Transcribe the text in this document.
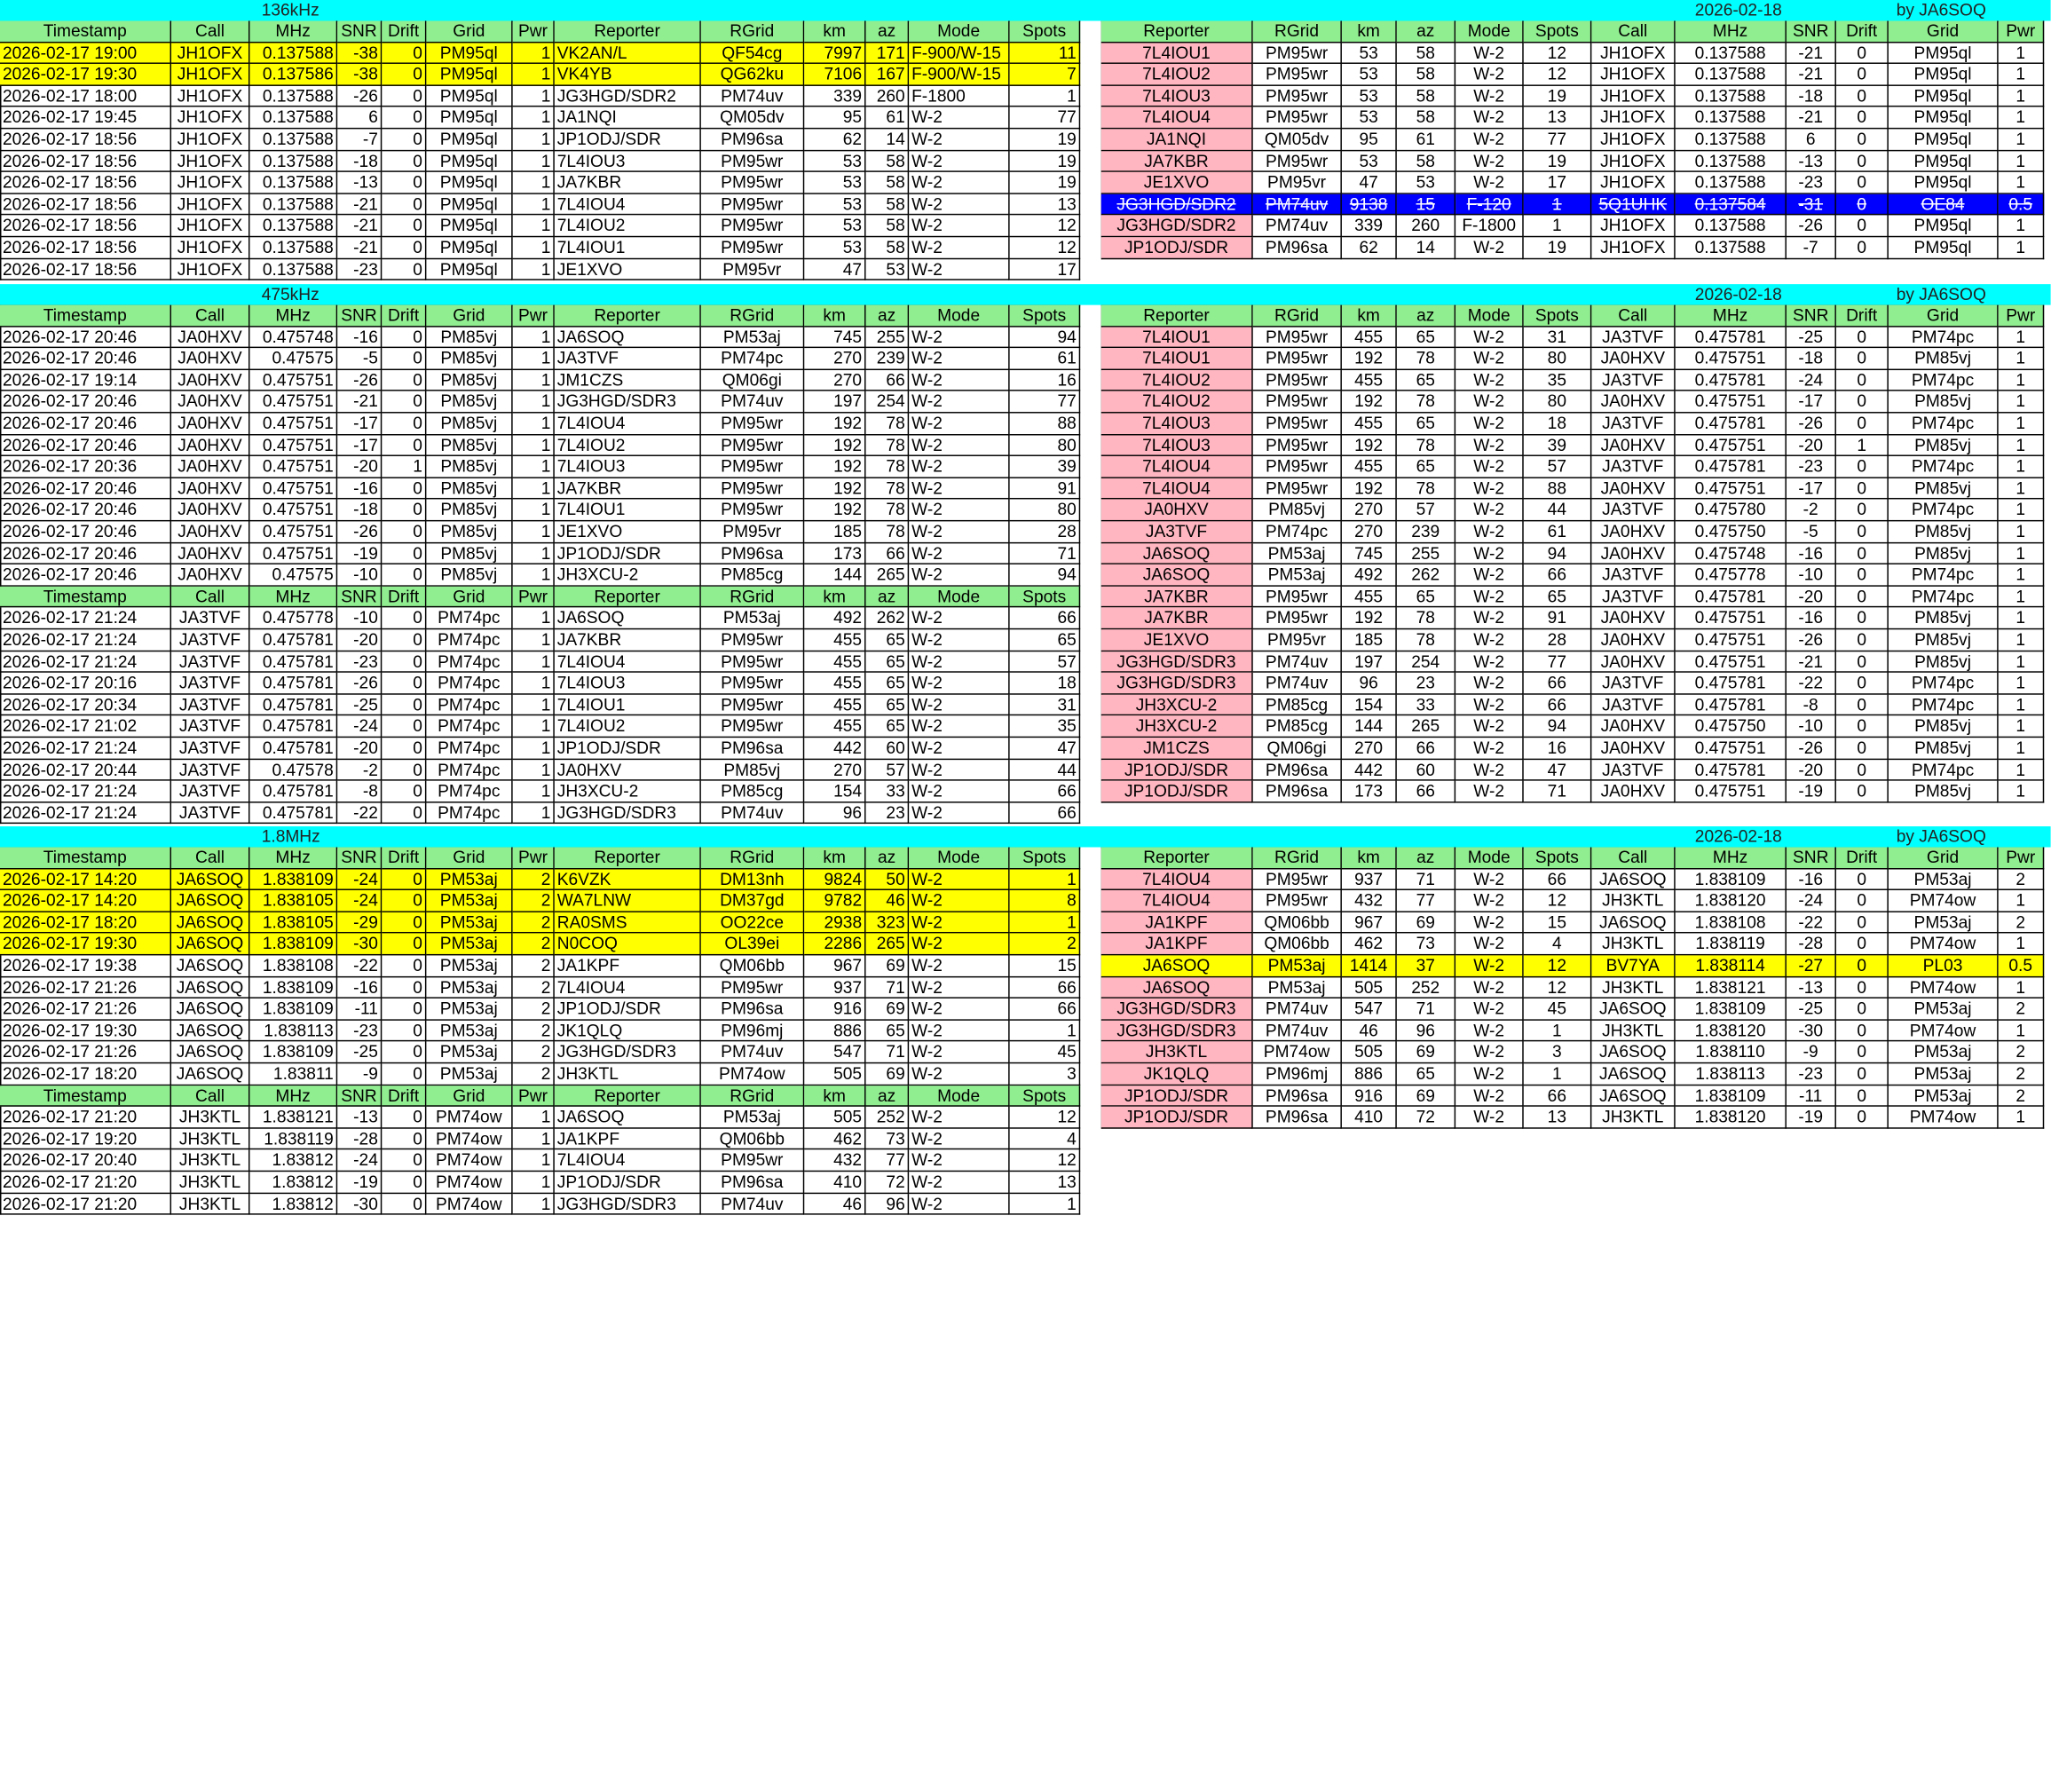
136kHz	2026-02-18	by JA6SOQ
Timestamp	Call	MHz	SNR Drift	Grid	Pwr	Reporter	RGrid	km	az	Mode	Spots
2026-02-17 19:00	JH1OFX	0.137588	-38	0	PM95ql	1 VK2AN/L	QF54cg	7997	171 F-900/W-15	11
2026-02-17 19:30	JH1OFX	0.137586	-38	0	PM95ql	1 VK4YB	QG62ku	7106	167 F-900/W-15	7
2026-02-17 18:00	JH1OFX	0.137588	-26	0	PM95ql	1 JG3HGD/SDR2	PM74uv	339	260 F-1800	1
2026-02-17 19:45	JH1OFX	0.137588	6	0	PM95ql	1 JA1NQI	QM05dv	95	61 W-2	77
2026-02-17 18:56	JH1OFX	0.137588	-7	0	PM95ql	1 JP1ODJ/SDR	PM96sa	62	14 W-2	19
2026-02-17 18:56	JH1OFX	0.137588	-18	0	PM95ql	1 7L4IOU3	PM95wr	53	58 W-2	19
2026-02-17 18:56	JH1OFX	0.137588	-13	0	PM95ql	1 JA7KBR	PM95wr	53	58 W-2	19
2026-02-17 18:56	JH1OFX	0.137588	-21	0	PM95ql	1 7L4IOU4	PM95wr	53	58 W-2	13
2026-02-17 18:56	JH1OFX	0.137588	-21	0	PM95ql	1 7L4IOU2	PM95wr	53	58 W-2	12
2026-02-17 18:56	JH1OFX	0.137588	-21	0	PM95ql	1 7L4IOU1	PM95wr	53	58 W-2	12
2026-02-17 18:56	JH1OFX	0.137588	-23	0	PM95ql	1 JE1XVO	PM95vr	47	53 W-2	17
Reporter	RGrid	km	az	Mode	Spots	Call	MHz	SNR	Drift	Grid	Pwr
7L4IOU1	PM95wr	53	58	W-2	12	JH1OFX	0.137588	-21	0	PM95ql	1
7L4IOU2	PM95wr	53	58	W-2	12	JH1OFX	0.137588	-21	0	PM95ql	1
7L4IOU3	PM95wr	53	58	W-2	19	JH1OFX	0.137588	-18	0	PM95ql	1
7L4IOU4	PM95wr	53	58	W-2	13	JH1OFX	0.137588	-21	0	PM95ql	1
JA1NQI	QM05dv	95	61	W-2	77	JH1OFX	0.137588	6	0	PM95ql	1
JA7KBR	PM95wr	53	58	W-2	19	JH1OFX	0.137588	-13	0	PM95ql	1
JE1XVO	PM95vr	47	53	W-2	17	JH1OFX	0.137588	-23	0	PM95ql	1
JG3HGD/SDR2	PM74uv	9138	15	F-120	1	5Q1UHK	0.137584	-31	0	OE84	0.5
JG3HGD/SDR2	PM74uv	339	260	F-1800	1	JH1OFX	0.137588	-26	0	PM95ql	1
JP1ODJ/SDR	PM96sa	62	14	W-2	19	JH1OFX	0.137588	-7	0	PM95ql	1
475kHz	2026-02-18	by JA6SOQ
Timestamp	Call	MHz	SNR Drift	Grid	Pwr	Reporter	RGrid	km	az	Mode	Spots
2026-02-17 20:46	JA0HXV	0.475748	-16	0	PM85vj	1 JA6SOQ	PM53aj	745	255 W-2	94
2026-02-17 20:46	JA0HXV	0.47575	-5	0	PM85vj	1 JA3TVF	PM74pc	270	239 W-2	61
2026-02-17 19:14	JA0HXV	0.475751	-26	0	PM85vj	1 JM1CZS	QM06gi	270	66 W-2	16
2026-02-17 20:46	JA0HXV	0.475751	-21	0	PM85vj	1 JG3HGD/SDR3	PM74uv	197	254 W-2	77
2026-02-17 20:46	JA0HXV	0.475751	-17	0	PM85vj	1 7L4IOU4	PM95wr	192	78 W-2	88
2026-02-17 20:46	JA0HXV	0.475751	-17	0	PM85vj	1 7L4IOU2	PM95wr	192	78 W-2	80
2026-02-17 20:36	JA0HXV	0.475751	-20	1	PM85vj	1 7L4IOU3	PM95wr	192	78 W-2	39
2026-02-17 20:46	JA0HXV	0.475751	-16	0	PM85vj	1 JA7KBR	PM95wr	192	78 W-2	91
2026-02-17 20:46	JA0HXV	0.475751	-18	0	PM85vj	1 7L4IOU1	PM95wr	192	78 W-2	80
2026-02-17 20:46	JA0HXV	0.475751	-26	0	PM85vj	1 JE1XVO	PM95vr	185	78 W-2	28
2026-02-17 20:46	JA0HXV	0.475751	-19	0	PM85vj	1 JP1ODJ/SDR	PM96sa	173	66 W-2	71
2026-02-17 20:46	JA0HXV	0.47575	-10	0	PM85vj	1 JH3XCU-2	PM85cg	144	265 W-2	94
Timestamp	Call	MHz	SNR Drift	Grid	Pwr	Reporter	RGrid	km	az	Mode	Spots
2026-02-17 21:24	JA3TVF	0.475778	-10	0	PM74pc	1 JA6SOQ	PM53aj	492	262 W-2	66
2026-02-17 21:24	JA3TVF	0.475781	-20	0	PM74pc	1 JA7KBR	PM95wr	455	65 W-2	65
2026-02-17 21:24	JA3TVF	0.475781	-23	0	PM74pc	1 7L4IOU4	PM95wr	455	65 W-2	57
2026-02-17 20:16	JA3TVF	0.475781	-26	0	PM74pc	1 7L4IOU3	PM95wr	455	65 W-2	18
2026-02-17 20:34	JA3TVF	0.475781	-25	0	PM74pc	1 7L4IOU1	PM95wr	455	65 W-2	31
2026-02-17 21:02	JA3TVF	0.475781	-24	0	PM74pc	1 7L4IOU2	PM95wr	455	65 W-2	35
2026-02-17 21:24	JA3TVF	0.475781	-20	0	PM74pc	1 JP1ODJ/SDR	PM96sa	442	60 W-2	47
2026-02-17 20:44	JA3TVF	0.47578	-2	0	PM74pc	1 JA0HXV	PM85vj	270	57 W-2	44
2026-02-17 21:24	JA3TVF	0.475781	-8	0	PM74pc	1 JH3XCU-2	PM85cg	154	33 W-2	66
2026-02-17 21:24	JA3TVF	0.475781	-22	0	PM74pc	1 JG3HGD/SDR3	PM74uv	96	23 W-2	66
Reporter	RGrid	km	az	Mode	Spots	Call	MHz	SNR	Drift	Grid	Pwr
7L4IOU1	PM95wr	455	65	W-2	31	JA3TVF	0.475781	-25	0	PM74pc	1
7L4IOU1	PM95wr	192	78	W-2	80	JA0HXV	0.475751	-18	0	PM85vj	1
7L4IOU2	PM95wr	455	65	W-2	35	JA3TVF	0.475781	-24	0	PM74pc	1
7L4IOU2	PM95wr	192	78	W-2	80	JA0HXV	0.475751	-17	0	PM85vj	1
7L4IOU3	PM95wr	455	65	W-2	18	JA3TVF	0.475781	-26	0	PM74pc	1
7L4IOU3	PM95wr	192	78	W-2	39	JA0HXV	0.475751	-20	1	PM85vj	1
7L4IOU4	PM95wr	455	65	W-2	57	JA3TVF	0.475781	-23	0	PM74pc	1
7L4IOU4	PM95wr	192	78	W-2	88	JA0HXV	0.475751	-17	0	PM85vj	1
JA0HXV	PM85vj	270	57	W-2	44	JA3TVF	0.475780	-2	0	PM74pc	1
JA3TVF	PM74pc	270	239	W-2	61	JA0HXV	0.475750	-5	0	PM85vj	1
JA6SOQ	PM53aj	745	255	W-2	94	JA0HXV	0.475748	-16	0	PM85vj	1
JA6SOQ	PM53aj	492	262	W-2	66	JA3TVF	0.475778	-10	0	PM74pc	1
JA7KBR	PM95wr	455	65	W-2	65	JA3TVF	0.475781	-20	0	PM74pc	1
JA7KBR	PM95wr	192	78	W-2	91	JA0HXV	0.475751	-16	0	PM85vj	1
JE1XVO	PM95vr	185	78	W-2	28	JA0HXV	0.475751	-26	0	PM85vj	1
JG3HGD/SDR3	PM74uv	197	254	W-2	77	JA0HXV	0.475751	-21	0	PM85vj	1
JG3HGD/SDR3	PM74uv	96	23	W-2	66	JA3TVF	0.475781	-22	0	PM74pc	1
JH3XCU-2	PM85cg	154	33	W-2	66	JA3TVF	0.475781	-8	0	PM74pc	1
JH3XCU-2	PM85cg	144	265	W-2	94	JA0HXV	0.475750	-10	0	PM85vj	1
JM1CZS	QM06gi	270	66	W-2	16	JA0HXV	0.475751	-26	0	PM85vj	1
JP1ODJ/SDR	PM96sa	442	60	W-2	47	JA3TVF	0.475781	-20	0	PM74pc	1
JP1ODJ/SDR	PM96sa	173	66	W-2	71	JA0HXV	0.475751	-19	0	PM85vj	1
1.8MHz	2026-02-18	by JA6SOQ
Timestamp	Call	MHz	SNR Drift	Grid	Pwr	Reporter	RGrid	km	az	Mode	Spots
2026-02-17 14:20	JA6SOQ	1.838109	-24	0	PM53aj	2 K6VZK	DM13nh	9824	50 W-2	1
2026-02-17 14:20	JA6SOQ	1.838105	-24	0	PM53aj	2 WA7LNW	DM37gd	9782	46 W-2	8
2026-02-17 18:20	JA6SOQ	1.838105	-29	0	PM53aj	2 RA0SMS	OO22ce	2938	323 W-2	1
2026-02-17 19:30	JA6SOQ	1.838109	-30	0	PM53aj	2 N0COQ	OL39ei	2286	265 W-2	2
2026-02-17 19:38	JA6SOQ	1.838108	-22	0	PM53aj	2 JA1KPF	QM06bb	967	69 W-2	15
2026-02-17 21:26	JA6SOQ	1.838109	-16	0	PM53aj	2 7L4IOU4	PM95wr	937	71 W-2	66
2026-02-17 21:26	JA6SOQ	1.838109	-11	0	PM53aj	2 JP1ODJ/SDR	PM96sa	916	69 W-2	66
2026-02-17 19:30	JA6SOQ	1.838113	-23	0	PM53aj	2 JK1QLQ	PM96mj	886	65 W-2	1
2026-02-17 21:26	JA6SOQ	1.838109	-25	0	PM53aj	2 JG3HGD/SDR3	PM74uv	547	71 W-2	45
2026-02-17 18:20	JA6SOQ	1.83811	-9	0	PM53aj	2 JH3KTL	PM74ow	505	69 W-2	3
Timestamp	Call	MHz	SNR Drift	Grid	Pwr	Reporter	RGrid	km	az	Mode	Spots
2026-02-17 21:20	JH3KTL	1.838121	-13	0	PM74ow	1 JA6SOQ	PM53aj	505	252 W-2	12
2026-02-17 19:20	JH3KTL	1.838119	-28	0	PM74ow	1 JA1KPF	QM06bb	462	73 W-2	4
2026-02-17 20:40	JH3KTL	1.83812	-24	0	PM74ow	1 7L4IOU4	PM95wr	432	77 W-2	12
2026-02-17 21:20	JH3KTL	1.83812	-19	0	PM74ow	1 JP1ODJ/SDR	PM96sa	410	72 W-2	13
2026-02-17 21:20	JH3KTL	1.83812	-30	0	PM74ow	1 JG3HGD/SDR3	PM74uv	46	96 W-2	1
Reporter	RGrid	km	az	Mode	Spots	Call	MHz	SNR	Drift	Grid	Pwr
7L4IOU4	PM95wr	937	71	W-2	66	JA6SOQ	1.838109	-16	0	PM53aj	2
7L4IOU4	PM95wr	432	77	W-2	12	JH3KTL	1.838120	-24	0	PM74ow	1
JA1KPF	QM06bb	967	69	W-2	15	JA6SOQ	1.838108	-22	0	PM53aj	2
JA1KPF	QM06bb	462	73	W-2	4	JH3KTL	1.838119	-28	0	PM74ow	1
JA6SOQ	PM53aj	1414	37	W-2	12	BV7YA	1.838114	-27	0	PL03	0.5
JA6SOQ	PM53aj	505	252	W-2	12	JH3KTL	1.838121	-13	0	PM74ow	1
JG3HGD/SDR3	PM74uv	547	71	W-2	45	JA6SOQ	1.838109	-25	0	PM53aj	2
JG3HGD/SDR3	PM74uv	46	96	W-2	1	JH3KTL	1.838120	-30	0	PM74ow	1
JH3KTL	PM74ow	505	69	W-2	3	JA6SOQ	1.838110	-9	0	PM53aj	2
JK1QLQ	PM96mj	886	65	W-2	1	JA6SOQ	1.838113	-23	0	PM53aj	2
JP1ODJ/SDR	PM96sa	916	69	W-2	66	JA6SOQ	1.838109	-11	0	PM53aj	2
JP1ODJ/SDR	PM96sa	410	72	W-2	13	JH3KTL	1.838120	-19	0	PM74ow	1
